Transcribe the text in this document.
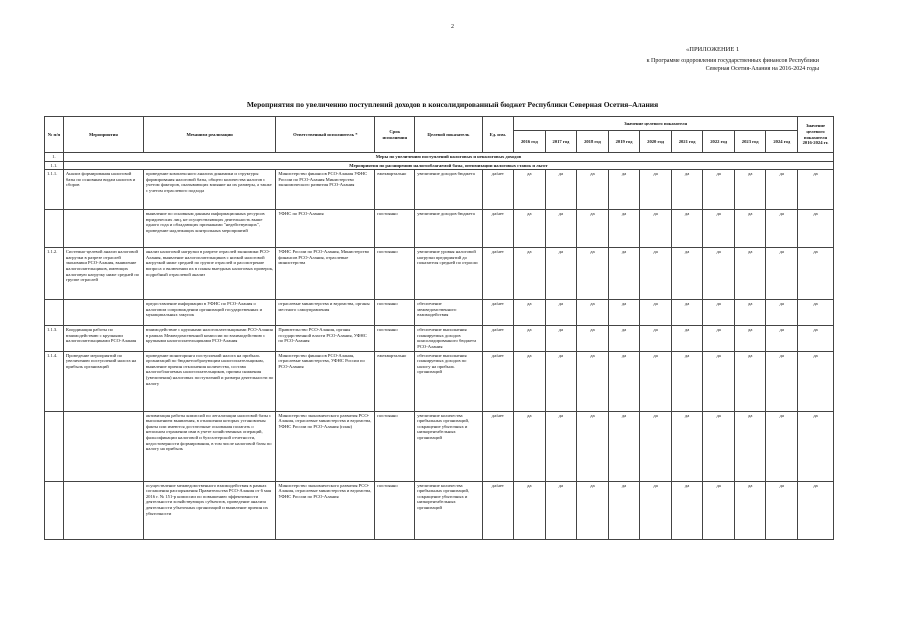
2
«ПРИЛОЖЕНИЕ 1
к Программе оздоровления государственных финансов Республики
Северная Осетия-Алания на 2016-2024 годы
Мероприятия по увеличению поступлений доходов в консолидированный бюджет Республики Северная Осетия–Алания
№ п/п	Мероприятия	Механизм реализации	Ответственный исполнитель *	Срок исполнения	Целевой показатель	Ед. изм.	Значение целевого показателя									Значение целевого показателя 2016-2024 гг.
							2016 год	2017 год	2018 год	2019 год	2020 год	2021 год	2022 год	2023 год	2024 год	
1.	Меры по увеличению поступлений налоговых и неналоговых доходов															
1.1.	Мероприятия по расширению налогооблагаемой базы, оптимизации налоговых ставок и льгот															
1.1.1.	Анализ формирования налоговой базы по основным видам налогов и сборов	проведение комплексного анализа динамики и структуры формирования налоговой базы, общего количества налогов с учетом факторов, оказывающих влияние на их размеры, а также с учетом отраслевого подхода	Министерство финансов РСО-Алания УФНС России по РСО-Алания Министерство экономического развития РСО-Алания	ежеквартально	увеличение доходов бюджета	да/нет	да	да	да	да	да	да	да	да	да	да
		выявление по основным данным информационных ресурсов юридических лиц, не осуществляющих деятельность выше одного года и обладающих признаками "недействующих", проведение надлежащих контрольных мероприятий	УФНС по РСО-Алания	постоянно	увеличение доходов бюджета	да/нет	да	да	да	да	да	да	да	да	да	да
1.1.2.	Системно-целевой анализ налоговой нагрузки в разрезе отраслей экономики РСО-Алания, выявление налогоплательщиков, имеющих налоговую нагрузку ниже средней по группе отраслей	анализ налоговой нагрузки в разрезе отраслей экономики РСО-Алания, выявление налогоплательщиков с низкой налоговой нагрузкой ниже средней по группе отраслей и рассмотрение вопроса о включении их в планы выездных налоговых проверок, подробный отраслевой анализ	УФНС России по РСО-Алания, Министерство финансов РСО-Алания, отраслевые министерства	постоянно	увеличение уровня налоговой нагрузки предприятий до показателя средней по отрасли	да/нет	да	да	да	да	да	да	да	да	да	да
		предоставление информации в УФНС по РСО-Алания о налоговом сопровождении организаций государственных и муниципальных закупок	отраслевые министерства и ведомства, органы местного самоуправления	постоянно	обеспечение межведомственного взаимодействия	да/нет	да	да	да	да	да	да	да	да	да	да
1.1.3.	Координация работы по взаимодействию с крупными налогоплательщиками РСО-Алания	взаимодействие с крупными налогоплательщиками РСО-Алания в рамках Межведомственной комиссии по взаимодействию с крупными налогоплательщиками РСО-Алания	Правительство РСО-Алания, органы государственной власти РСО-Алания, УФНС по РСО-Алания	постоянно	обеспечение выполнения планируемых доходов консолидированного бюджета РСО-Алания	да/нет	да	да	да	да	да	да	да	да	да	да
1.1.4.	Проведение мероприятий по увеличению поступлений налога на прибыль организаций	проведение мониторинга поступлений налога на прибыль организаций по бюджетообразующим налогоплательщикам, выявление причин отклонения количества, состава налогооблагаемых налогоплательщиков, причин снижения (увеличения) налоговых поступлений и размера деятельности по налогу	Министерство финансов РСО-Алания, отраслевые министерства, УФНС России по РСО-Алания	ежеквартально	обеспечение выполнения планируемых доходов по налогу на прибыль организаций	да/нет	да	да	да	да	да	да	да	да	да	да
		активизация работы комиссий по легализации налоговой базы с выполнением выявления, в отношении которых установлены факты или имеются достаточные основания полагать о неполном отражении ими в учете хозяйственных операций, фальсификации налоговой и бухгалтерской отчетности, недостоверности формирования, в том числе налоговой базы по налогу на прибыль	Министерство экономического развития РСО-Алания, отраслевые министерства и ведомства, УФНС России по РСО-Алания (план)	постоянно	увеличение количества прибыльных организаций, сокращение убыточных и низкорентабельных организаций	да/нет	да	да	да	да	да	да	да	да	да	да
		осуществление межведомственного взаимодействия в рамках соглашения распоряжения Правительства РСО-Алания от 6 мая 2016 г. № 151-р комиссии по повышению эффективности деятельности хозяйствующих субъектов, проведение анализа деятельности убыточных организаций и выявление причин их убыточности	Министерство экономического развития РСО-Алания, отраслевые министерства и ведомства, УФНС России по РСО-Алания	постоянно	увеличение количества прибыльных организаций, сокращение убыточных и низкорентабельных организаций	да/нет	да	да	да	да	да	да	да	да	да	да
